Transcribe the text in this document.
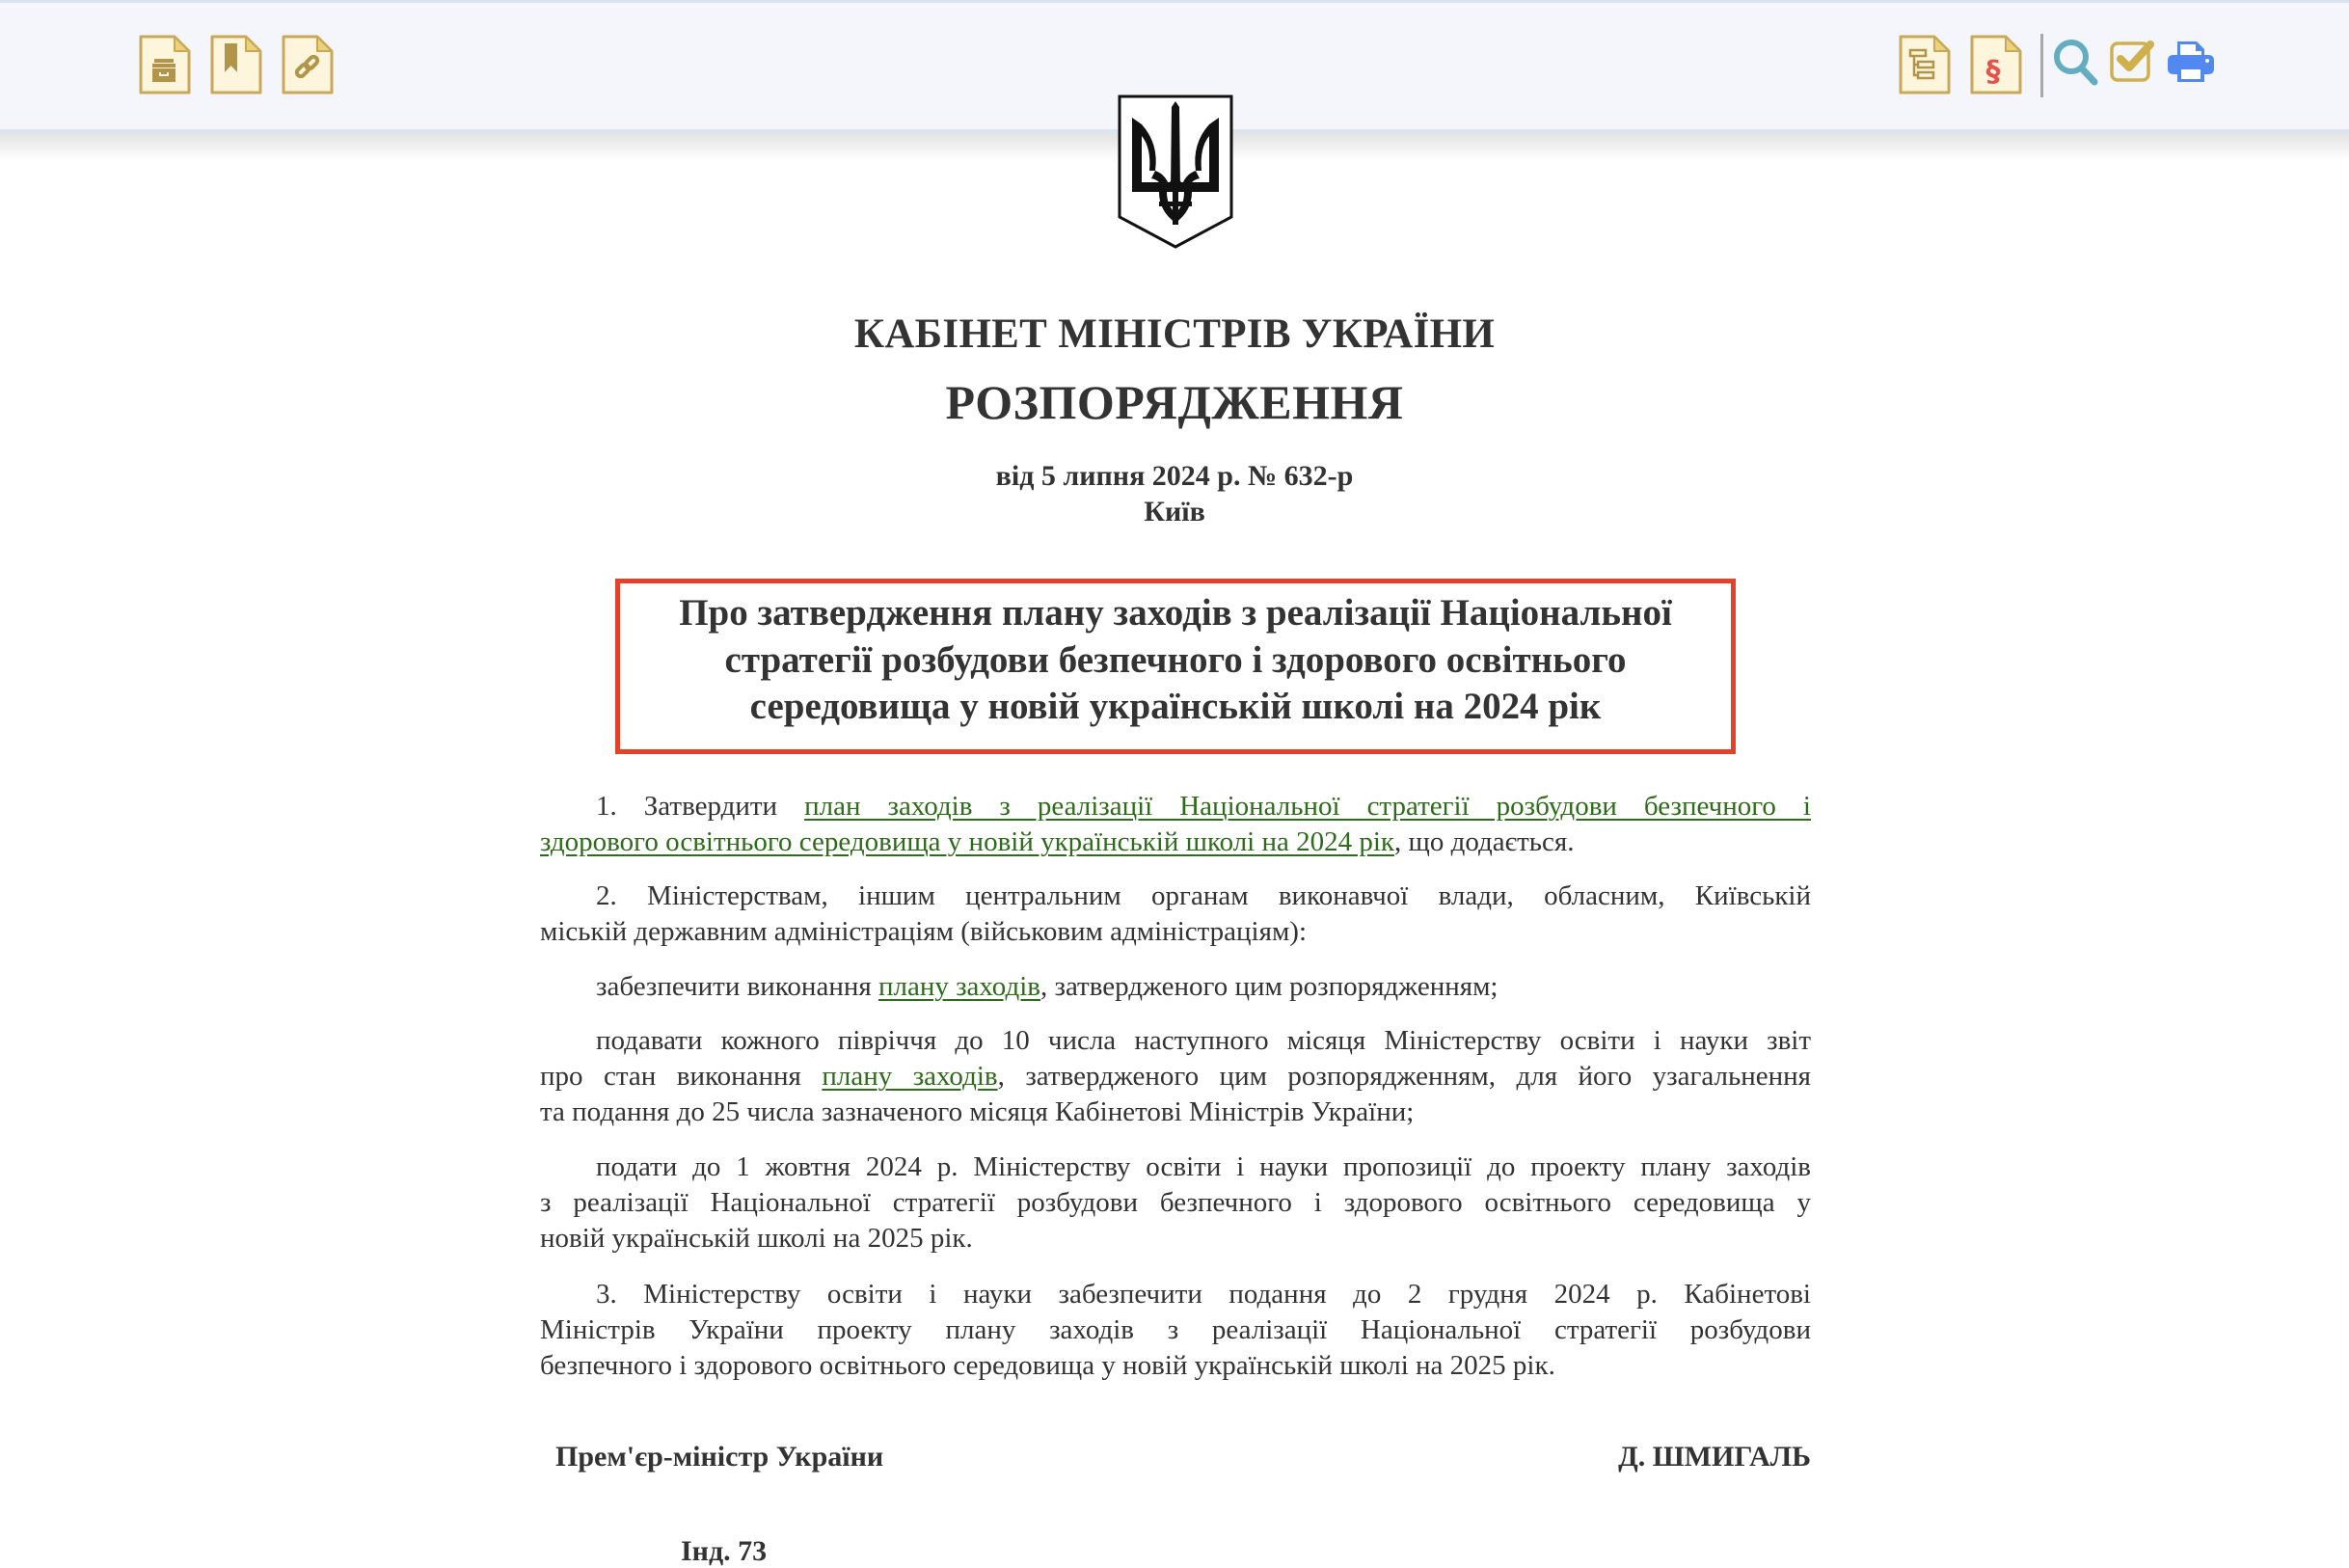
§
КАБІНЕТ МІНІСТРІВ УКРАЇНИ
РОЗПОРЯДЖЕННЯ
від 5 липня 2024 р. № 632-р
Київ
Про затвердження плану заходів з реалізації Національної
стратегії розбудови безпечного і здорового освітнього
середовища у новій українській школі на 2024 рік
1. Затвердити план заходів з реалізації Національної стратегії розбудови безпечного і
здорового освітнього середовища у новій українській школі на 2024 рік, що додається.
2. Міністерствам, іншим центральним органам виконавчої влади, обласним, Київській
міській державним адміністраціям (військовим адміністраціям):
забезпечити виконання плану заходів, затвердженого цим розпорядженням;
подавати кожного півріччя до 10 числа наступного місяця Міністерству освіти і науки звіт
про стан виконання плану заходів, затвердженого цим розпорядженням, для його узагальнення
та подання до 25 числа зазначеного місяця Кабінетові Міністрів України;
подати до 1 жовтня 2024 р. Міністерству освіти і науки пропозиції до проекту плану заходів
з реалізації Національної стратегії розбудови безпечного і здорового освітнього середовища у
новій українській школі на 2025 рік.
3. Міністерству освіти і науки забезпечити подання до 2 грудня 2024 р. Кабінетові
Міністрів України проекту плану заходів з реалізації Національної стратегії розбудови
безпечного і здорового освітнього середовища у новій українській школі на 2025 рік.
Прем'єр-міністр України	Д. ШМИГАЛЬ
Інд. 73
